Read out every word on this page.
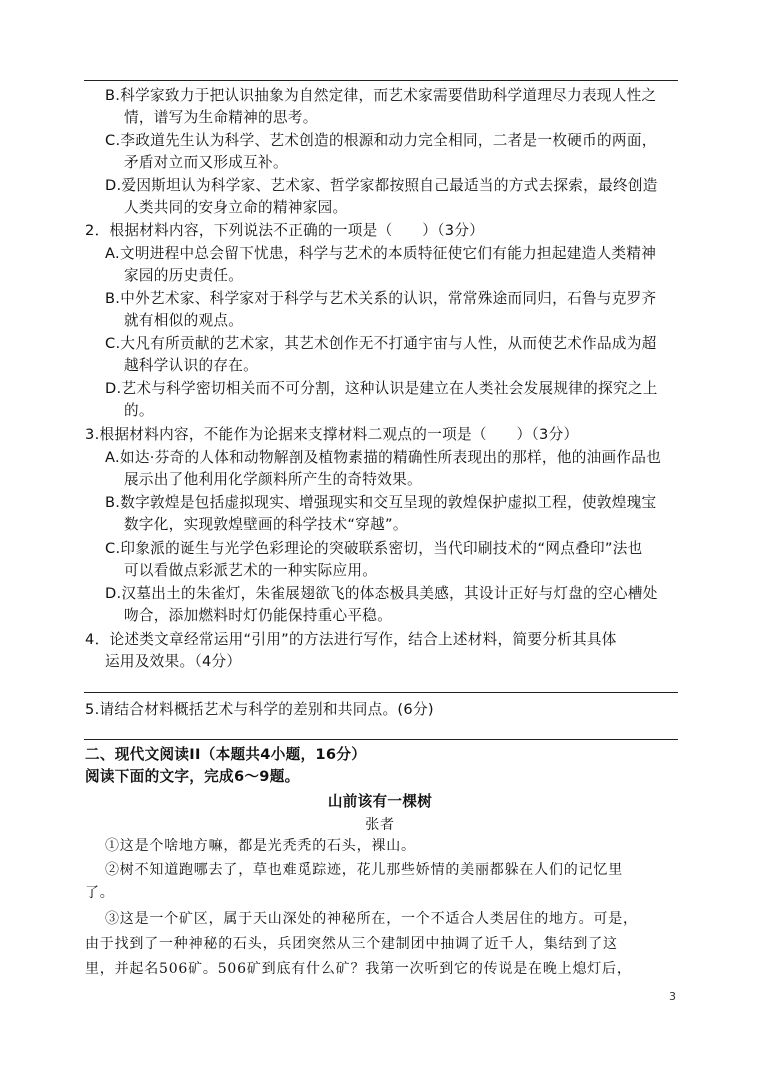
B.科学家致力于把认识抽象为自然定律，而艺术家需要借助科学道理尽力表现人性之
情，谱写为生命精神的思考。
C.李政道先生认为科学、艺术创造的根源和动力完全相同，二者是一枚硬币的两面，
矛盾对立而又形成互补。
D.爱因斯坦认为科学家、艺术家、哲学家都按照自己最适当的方式去探索，最终创造
人类共同的安身立命的精神家园。
2．根据材料内容，下列说法不正确的一项是（　　）（3分）
A.文明进程中总会留下忧患，科学与艺术的本质特征使它们有能力担起建造人类精神
家园的历史责任。
B.中外艺术家、科学家对于科学与艺术关系的认识，常常殊途而同归，石鲁与克罗齐
就有相似的观点。
C.大凡有所贡献的艺术家，其艺术创作无不打通宇宙与人性，从而使艺术作品成为超
越科学认识的存在。
D.艺术与科学密切相关而不可分割，这种认识是建立在人类社会发展规律的探究之上
的。
3.根据材料内容，不能作为论据来支撑材料二观点的一项是（　　）（3分）
A.如达·芬奇的人体和动物解剖及植物素描的精确性所表现出的那样，他的油画作品也
展示出了他利用化学颜料所产生的奇特效果。
B.数字敦煌是包括虚拟现实、增强现实和交互呈现的敦煌保护虚拟工程，使敦煌瑰宝
数字化，实现敦煌壁画的科学技术“穿越”。
C.印象派的诞生与光学色彩理论的突破联系密切，当代印刷技术的“网点叠印”法也
可以看做点彩派艺术的一种实际应用。
D.汉墓出土的朱雀灯，朱雀展翅欲飞的体态极具美感，其设计正好与灯盘的空心槽处
吻合，添加燃料时灯仍能保持重心平稳。
4．论述类文章经常运用“引用”的方法进行写作，结合上述材料，简要分析其具体
运用及效果。（4分）
5.请结合材料概括艺术与科学的差别和共同点。(6分)
二、现代文阅读II（本题共4小题，16分）
阅读下面的文字，完成6～9题。
山前该有一棵树
张者
①这是个啥地方嘛，都是光秃秃的石头，裸山。
②树不知道跑哪去了，草也难觅踪迹，花儿那些娇情的美丽都躲在人们的记忆里
了。
③这是一个矿区，属于天山深处的神秘所在，一个不适合人类居住的地方。可是，
由于找到了一种神秘的石头，兵团突然从三个建制团中抽调了近千人，集结到了这
里，并起名506矿。506矿到底有什么矿？我第一次听到它的传说是在晚上熄灯后，
3
